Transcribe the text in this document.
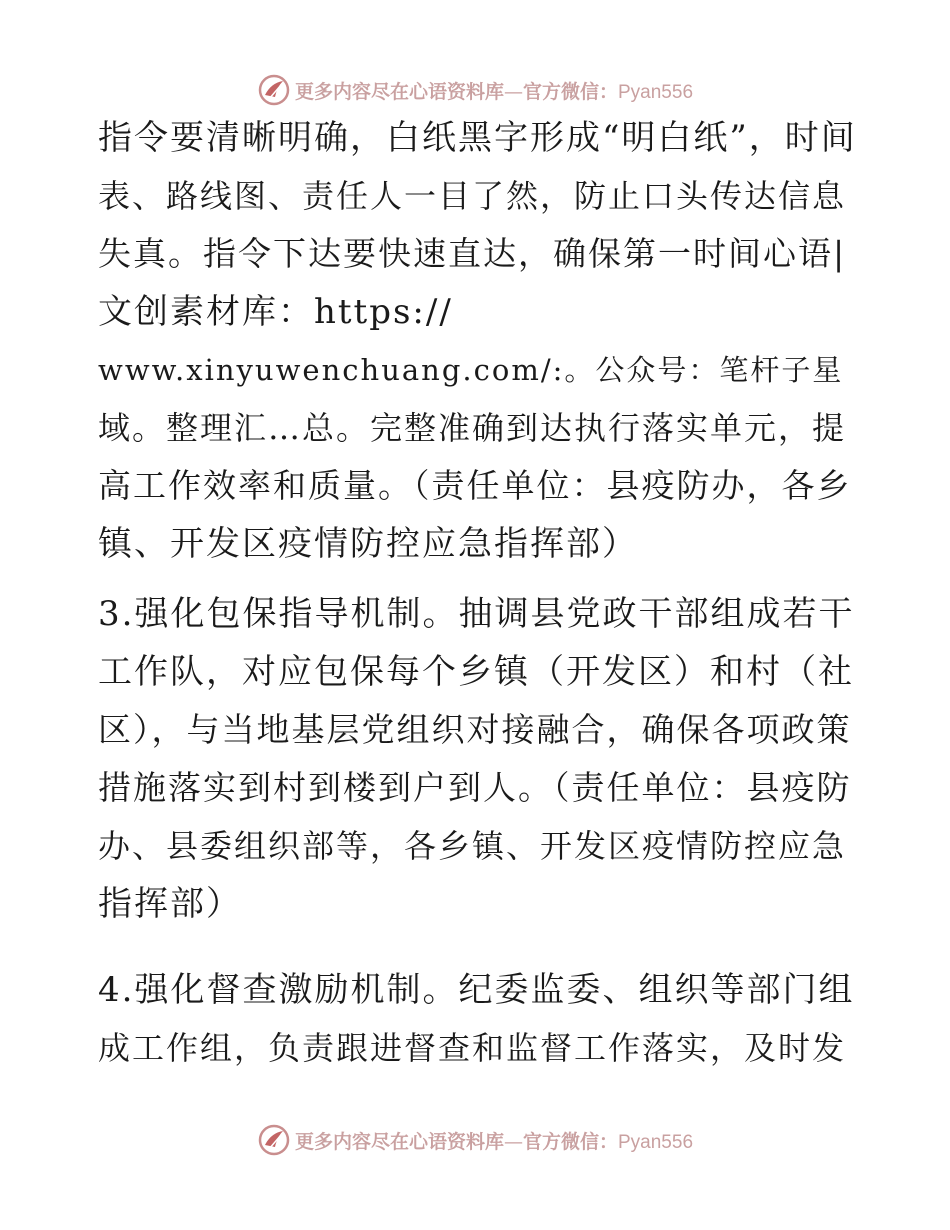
更多内容尽在心语资料库—官方微信：Pyan556
指令要清晰明确，白纸黑字形成“明白纸”，时间
表、路线图、责任人一目了然，防止口头传达信息
失真。指令下达要快速直达，确保第一时间心语|
文创素材库：https://
www.xinyuwenchuang.com/:。公众号：笔杆子星
域。整理汇…总。完整准确到达执行落实单元，提
高工作效率和质量。（责任单位：县疫防办，各乡
镇、开发区疫情防控应急指挥部）
3.强化包保指导机制。抽调县党政干部组成若干
工作队，对应包保每个乡镇（开发区）和村（社
区），与当地基层党组织对接融合，确保各项政策
措施落实到村到楼到户到人。（责任单位：县疫防
办、县委组织部等，各乡镇、开发区疫情防控应急
指挥部）
4.强化督查激励机制。纪委监委、组织等部门组
成工作组，负责跟进督查和监督工作落实，及时发
更多内容尽在心语资料库—官方微信：Pyan556
